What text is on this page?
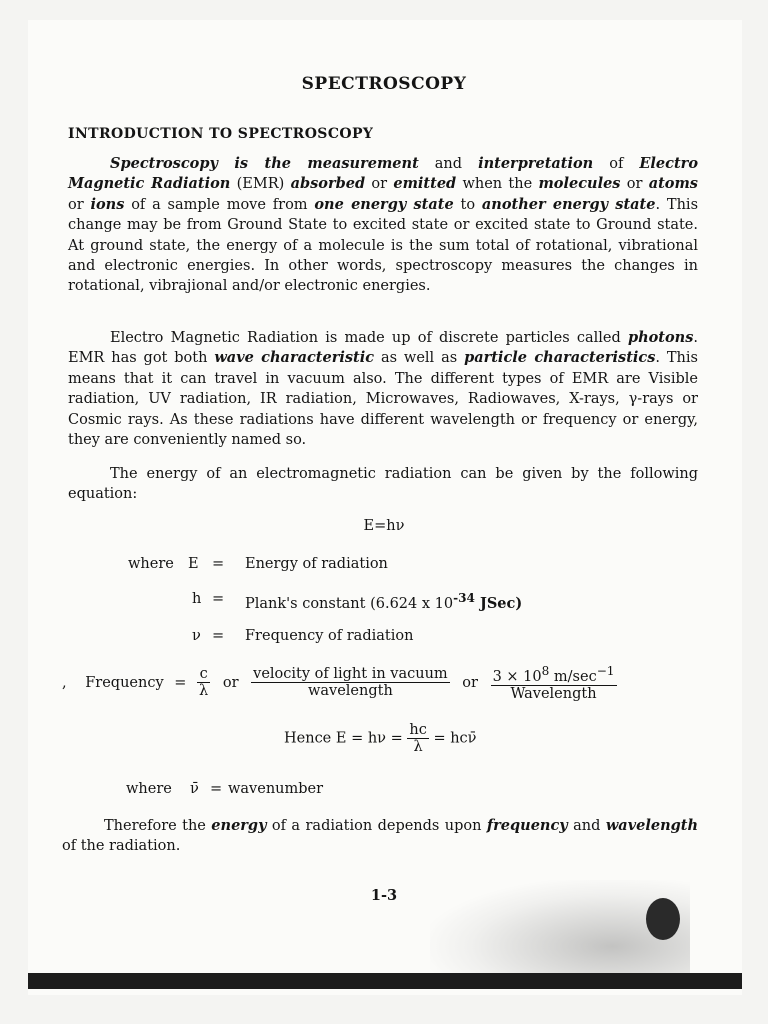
SPECTROSCOPY
INTRODUCTION TO SPECTROSCOPY
Spectroscopy is the measurement and interpretation of Electro Magnetic Radiation (EMR) absorbed or emitted when the molecules or atoms or ions of a sample move from one energy state to another energy state. This change may be from Ground State to excited state or excited state to Ground state. At ground state, the energy of a molecule is the sum total of rotational, vibrational and electronic energies. In other words, spectroscopy measures the changes in rotational, vibrajional and/or electronic energies.
Electro Magnetic Radiation is made up of discrete particles called photons. EMR has got both wave characteristic as well as particle characteristics. This means that it can travel in vacuum also. The different types of EMR are Visible radiation, UV radiation, IR radiation, Microwaves, Radiowaves, X-rays, γ-rays or Cosmic rays. As these radiations have different wavelength or frequency or energy, they are conveniently named so.
The energy of an electromagnetic radiation can be given by the following equation:
E=hν
where E = Energy of radiation
h = Plank's constant (6.624 x $10^{-34}$ JSec)
ν = Frequency of radiation
, Frequency = $\frac{c}{\lambda}$ or $\frac{\text{velocity of light in vacuum}}{\text{wavelength}}$ or $\frac{3 \times 10^8 m/\sec^{-1}}{\text{Wavelength}}$
Hence $E = h\nu = \frac{hc}{\lambda}$ = hcν̄
where ν̄ = wavenumber
Therefore the energy of a radiation depends upon frequency and wavelength of the radiation.
1-3
